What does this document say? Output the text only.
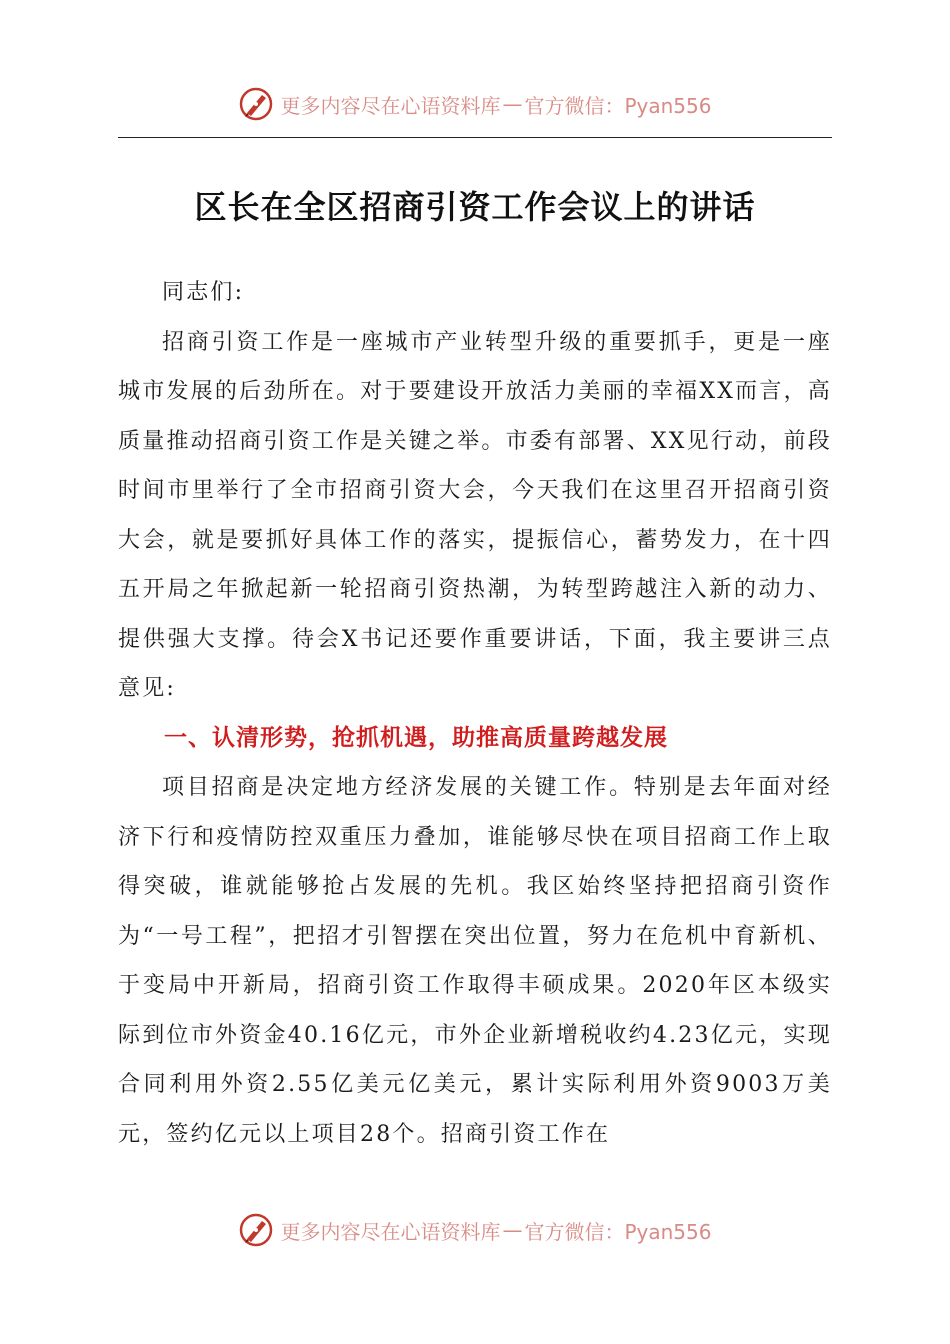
更多内容尽在心语资料库 — 官方微信：Pyan556
区长在全区招商引资工作会议上的讲话

同志们:

招商引资工作是一座城市产业转型升级的重要抓手，更是一座城市发展的后劲所在。对于要建设开放活力美丽的幸福XX而言，高质量推动招商引资工作是关键之举。市委有部署、XX见行动，前段时间市里举行了全市招商引资大会，今天我们在这里召开招商引资大会，就是要抓好具体工作的落实，提振信心，蓄势发力，在十四五开局之年掀起新一轮招商引资热潮，为转型跨越注入新的动力、提供强大支撑。待会X书记还要作重要讲话，下面，我主要讲三点意见:

一、认清形势，抢抓机遇，助推高质量跨越发展

项目招商是决定地方经济发展的关键工作。特别是去年面对经济下行和疫情防控双重压力叠加，谁能够尽快在项目招商工作上取得突破，谁就能够抢占发展的先机。我区始终坚持把招商引资作为“一号工程”，把招才引智摆在突出位置，努力在危机中育新机、于变局中开新局，招商引资工作取得丰硕成果。2020年区本级实际到位市外资金40.16亿元，市外企业新增税收约4.23亿元，实现合同利用外资2.55亿美元亿美元，累计实际利用外资9003万美元，签约亿元以上项目28个。招商引资工作在

更多内容尽在心语资料库 — 官方微信：Pyan556
